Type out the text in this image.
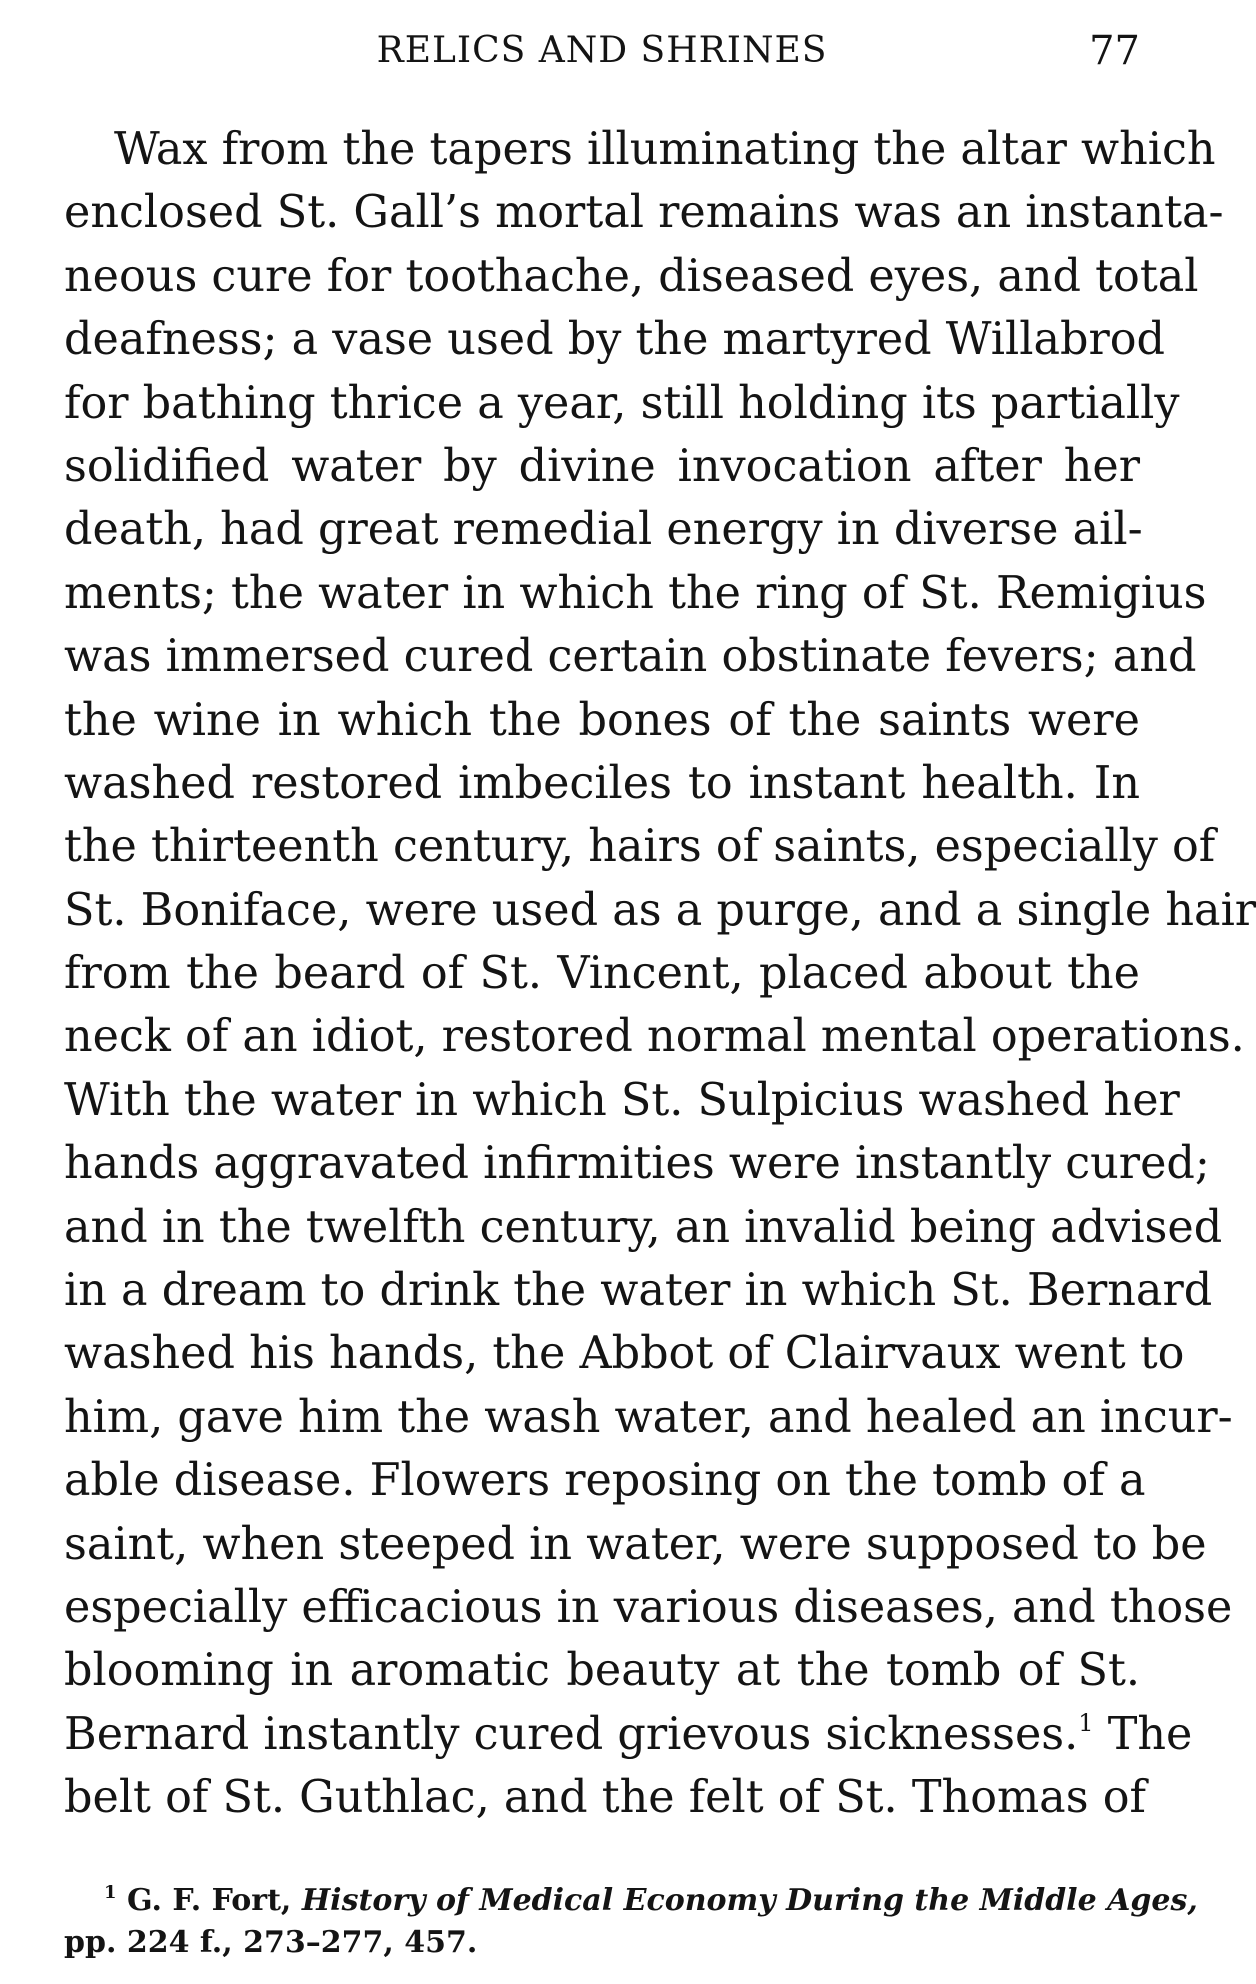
RELICS AND SHRINES	77
Wax from the tapers illuminating the altar which
enclosed St. Gall’s mortal remains was an instanta-
neous cure for toothache, diseased eyes, and total
deafness; a vase used by the martyred Willabrod
for bathing thrice a year, still holding its partially
solidified water by divine invocation after her
death, had great remedial energy in diverse ail-
ments; the water in which the ring of St. Remigius
was immersed cured certain obstinate fevers; and
the wine in which the bones of the saints were
washed restored imbeciles to instant health. In
the thirteenth century, hairs of saints, especially of
St. Boniface, were used as a purge, and a single hair
from the beard of St. Vincent, placed about the
neck of an idiot, restored normal mental operations.
With the water in which St. Sulpicius washed her
hands aggravated infirmities were instantly cured;
and in the twelfth century, an invalid being advised
in a dream to drink the water in which St. Bernard
washed his hands, the Abbot of Clairvaux went to
him, gave him the wash water, and healed an incur-
able disease. Flowers reposing on the tomb of a
saint, when steeped in water, were supposed to be
especially efficacious in various diseases, and those
blooming in aromatic beauty at the tomb of St.
Bernard instantly cured grievous sicknesses.$^1$ The
belt of St. Guthlac, and the felt of St. Thomas of
$^1$ G. F. Fort, History of Medical Economy During the Middle Ages,
pp. 224 f., 273–277, 457.
